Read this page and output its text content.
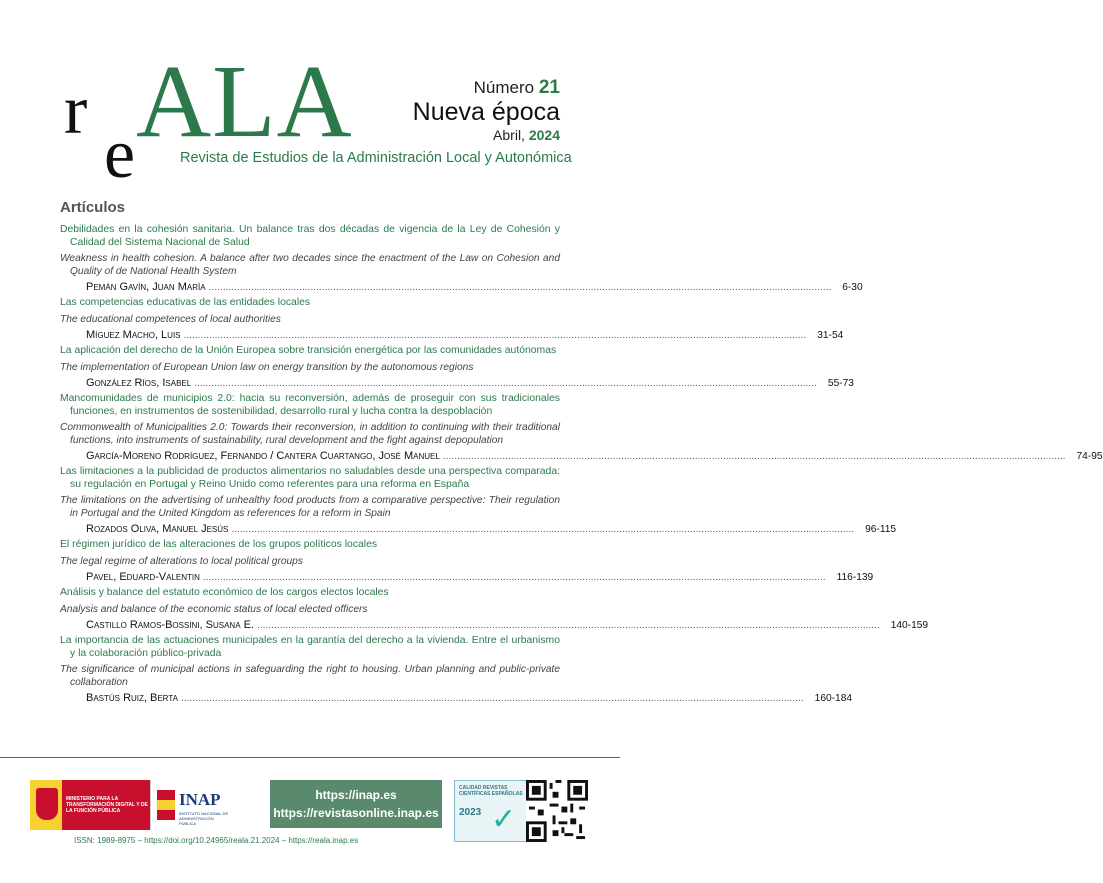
r
e ALA	Número 21
Nueva época
Abril, 2024
Revista de Estudios de la Administración Local y Autonómica
Artículos
Debilidades en la cohesión sanitaria. Un balance tras dos décadas de vigencia de la Ley de Cohesión y Calidad del Sistema Nacional de Salud
Weakness in health cohesion. A balance after two decades since the enactment of the Law on Cohesion and Quality of de National Health System
Pemán Gavín, Juan María ............................................................................................................................................................................................................................ 6-30
Las competencias educativas de las entidades locales
The educational competences of local authorities
Míguez Macho, Luis ............................................................................................................................................................................................................................ 31-54
La aplicación del derecho de la Unión Europea sobre transición energética por las comunidades autónomas
The implementation of European Union law on energy transition by the autonomous regions
González Ríos, Isabel ............................................................................................................................................................................................................................ 55-73
Mancomunidades de municipios 2.0: hacia su reconversión, además de proseguir con sus tradicionales funciones, en instrumentos de sostenibilidad, desarrollo rural y lucha contra la despoblación
Commonwealth of Municipalities 2.0: Towards their reconversion, in addition to continuing with their traditional functions, into instruments of sustainability, rural development and the fight against depopulation
García-Moreno Rodríguez, Fernando / Cantera Cuartango, José Manuel ............................................................................................................................................................................................................................ 74-95
Las limitaciones a la publicidad de productos alimentarios no saludables desde una perspectiva comparada: su regulación en Portugal y Reino Unido como referentes para una reforma en España
The limitations on the advertising of unhealthy food products from a comparative perspective: Their regulation in Portugal and the United Kingdom as references for a reform in Spain
Rozados Oliva, Manuel Jesús ............................................................................................................................................................................................................................ 96-115
El régimen jurídico de las alteraciones de los grupos políticos locales
The legal regime of alterations to local political groups
Pavel, Eduard-Valentin ............................................................................................................................................................................................................................ 116-139
Análisis y balance del estatuto económico de los cargos electos locales
Analysis and balance of the economic status of local elected officers
Castillo Ramos-Bossini, Susana E. ............................................................................................................................................................................................................................ 140-159
La importancia de las actuaciones municipales en la garantía del derecho a la vivienda. Entre el urbanismo y la colaboración público-privada
The significance of municipal actions in safeguarding the right to housing. Urban planning and public-private collaboration
Bastús Ruiz, Berta ............................................................................................................................................................................................................................ 160-184
MINISTERIO PARA LA TRANSFORMACIÓN DIGITAL Y DE LA FUNCIÓN PÚBLICA
INAP
INSTITUTO NACIONAL DE ADMINISTRACIÓN PÚBLICA
https://inap.es
https://revistasonline.inap.es
CALIDAD REVISTAS CIENTÍFICAS ESPAÑOLAS
2023 ✓
ISSN: 1989-8975 – https://doi.org/10.24965/reala.21.2024 – https://reala.inap.es
